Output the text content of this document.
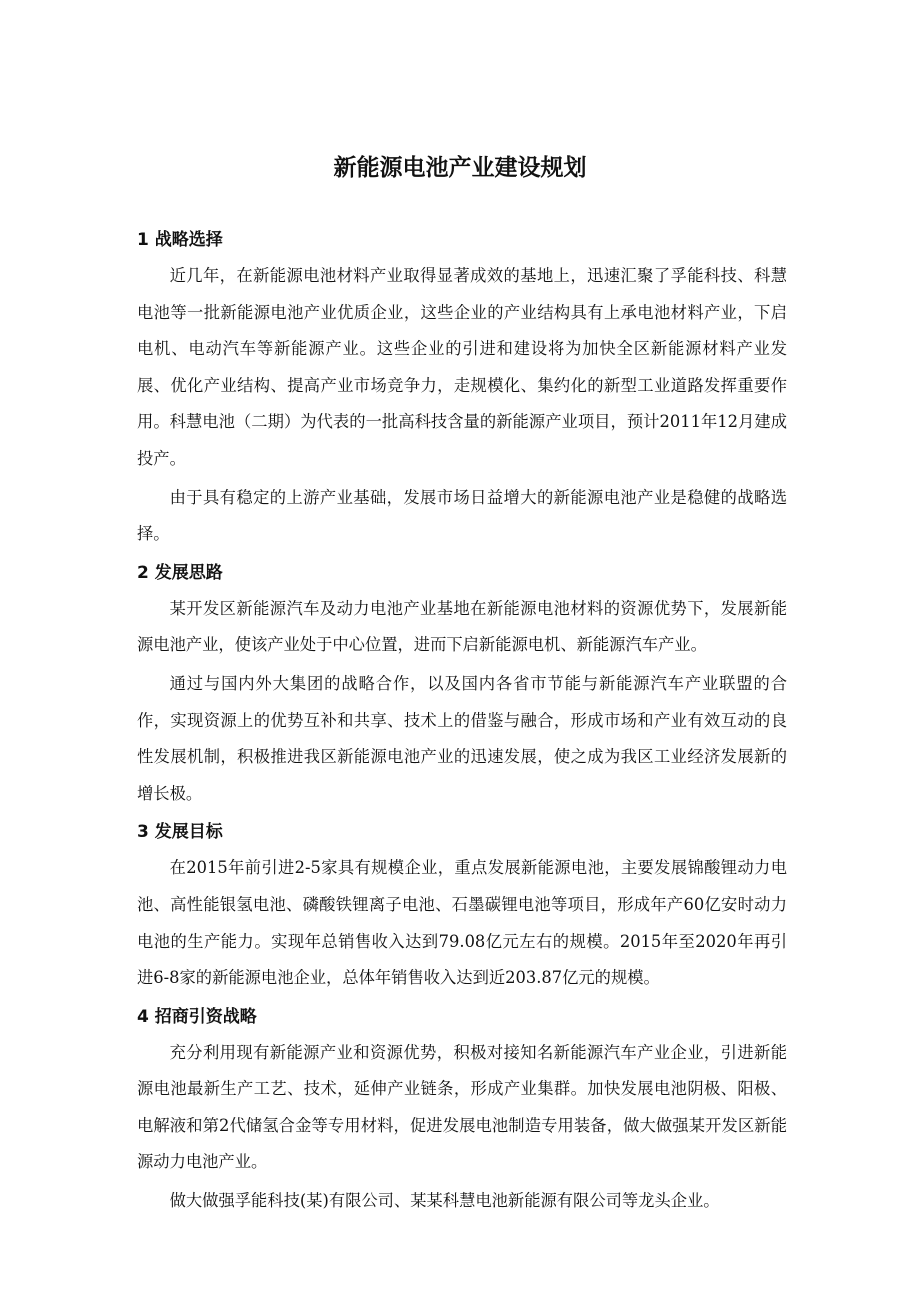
新能源电池产业建设规划

1 战略选择

近几年，在新能源电池材料产业取得显著成效的基地上，迅速汇聚了孚能科技、科慧电池等一批新能源电池产业优质企业，这些企业的产业结构具有上承电池材料产业，下启电机、电动汽车等新能源产业。这些企业的引进和建设将为加快全区新能源材料产业发展、优化产业结构、提高产业市场竞争力，走规模化、集约化的新型工业道路发挥重要作用。科慧电池（二期）为代表的一批高科技含量的新能源产业项目，预计2011年12月建成投产。

由于具有稳定的上游产业基础，发展市场日益增大的新能源电池产业是稳健的战略选择。

2 发展思路

某开发区新能源汽车及动力电池产业基地在新能源电池材料的资源优势下，发展新能源电池产业，使该产业处于中心位置，进而下启新能源电机、新能源汽车产业。

通过与国内外大集团的战略合作，以及国内各省市节能与新能源汽车产业联盟的合作，实现资源上的优势互补和共享、技术上的借鉴与融合，形成市场和产业有效互动的良性发展机制，积极推进我区新能源电池产业的迅速发展，使之成为我区工业经济发展新的增长极。

3 发展目标

在2015年前引进2-5家具有规模企业，重点发展新能源电池，主要发展锦酸锂动力电池、高性能银氢电池、磷酸铁锂离子电池、石墨碳锂电池等项目，形成年产60亿安时动力电池的生产能力。实现年总销售收入达到79.08亿元左右的规模。2015年至2020年再引进6-8家的新能源电池企业，总体年销售收入达到近203.87亿元的规模。

4 招商引资战略

充分利用现有新能源产业和资源优势，积极对接知名新能源汽车产业企业，引进新能源电池最新生产工艺、技术，延伸产业链条，形成产业集群。加快发展电池阴极、阳极、电解液和第2代储氢合金等专用材料，促进发展电池制造专用装备，做大做强某开发区新能源动力电池产业。

做大做强孚能科技(某)有限公司、某某科慧电池新能源有限公司等龙头企业。
